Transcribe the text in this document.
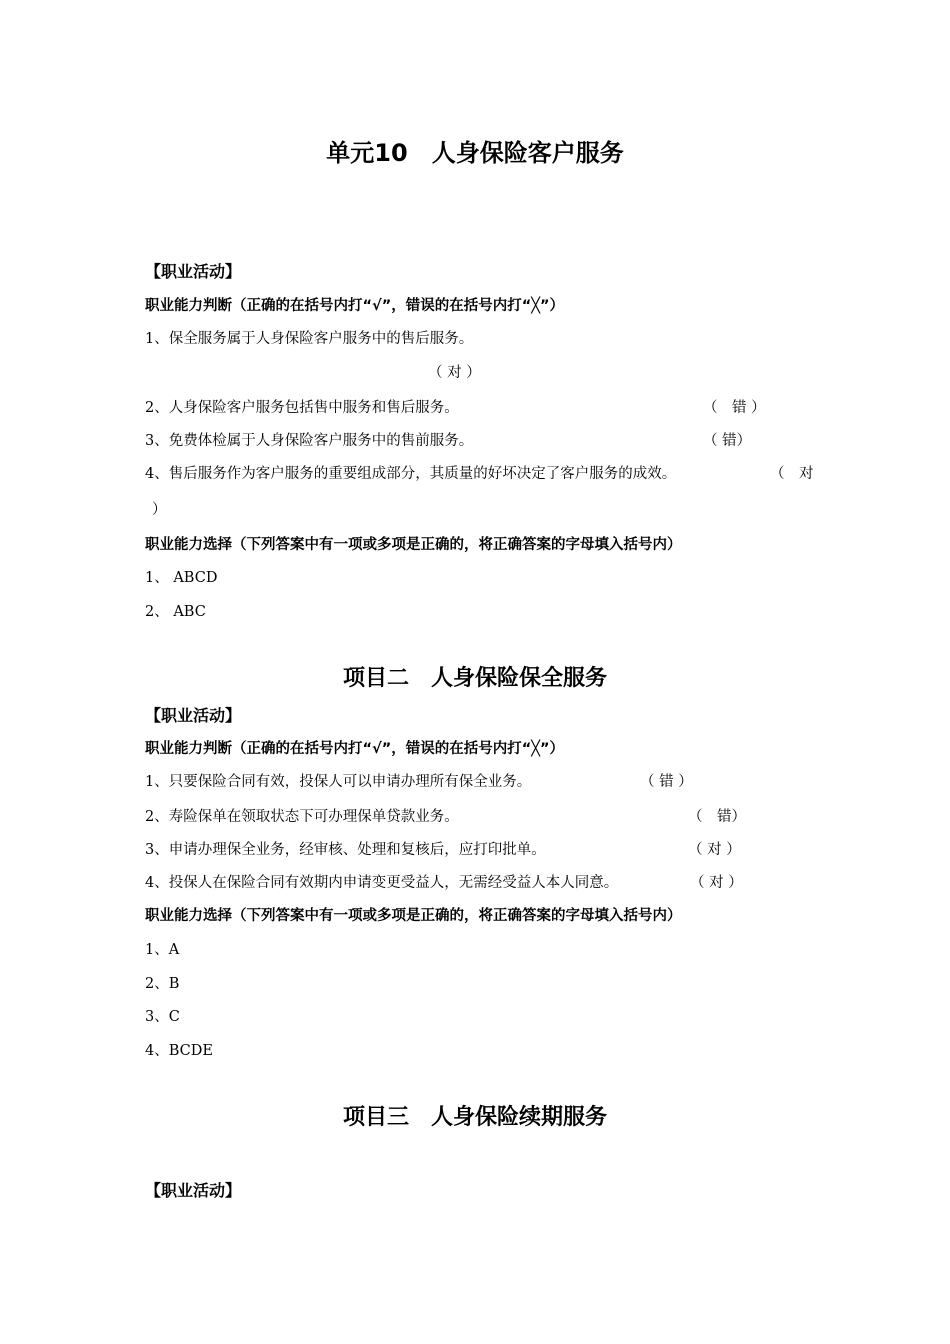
单元10　人身保险客户服务
【职业活动】
职业能力判断（正确的在括号内打“√”，错误的在括号内打“╳”）
1、保全服务属于人身保险客户服务中的售后服务。
（ 对 ）
2、人身保险客户服务包括售中服务和售后服务。	（　错 ）
3、免费体检属于人身保险客户服务中的售前服务。	（ 错）
4、售后服务作为客户服务的重要组成部分，其质量的好坏决定了客户服务的成效。	（　对
）
职业能力选择（下列答案中有一项或多项是正确的，将正确答案的字母填入括号内）
1、 ABCD
2、 ABC
项目二　人身保险保全服务
【职业活动】
职业能力判断（正确的在括号内打“√”，错误的在括号内打“╳”）
1、只要保险合同有效，投保人可以申请办理所有保全业务。	（ 错 ）
2、寿险保单在领取状态下可办理保单贷款业务。	（　错）
3、申请办理保全业务，经审核、处理和复核后，应打印批单。	（ 对 ）
4、投保人在保险合同有效期内申请变更受益人，无需经受益人本人同意。	（ 对 ）
职业能力选择（下列答案中有一项或多项是正确的，将正确答案的字母填入括号内）
1、A
2、B
3、C
4、BCDE
项目三　人身保险续期服务
【职业活动】
